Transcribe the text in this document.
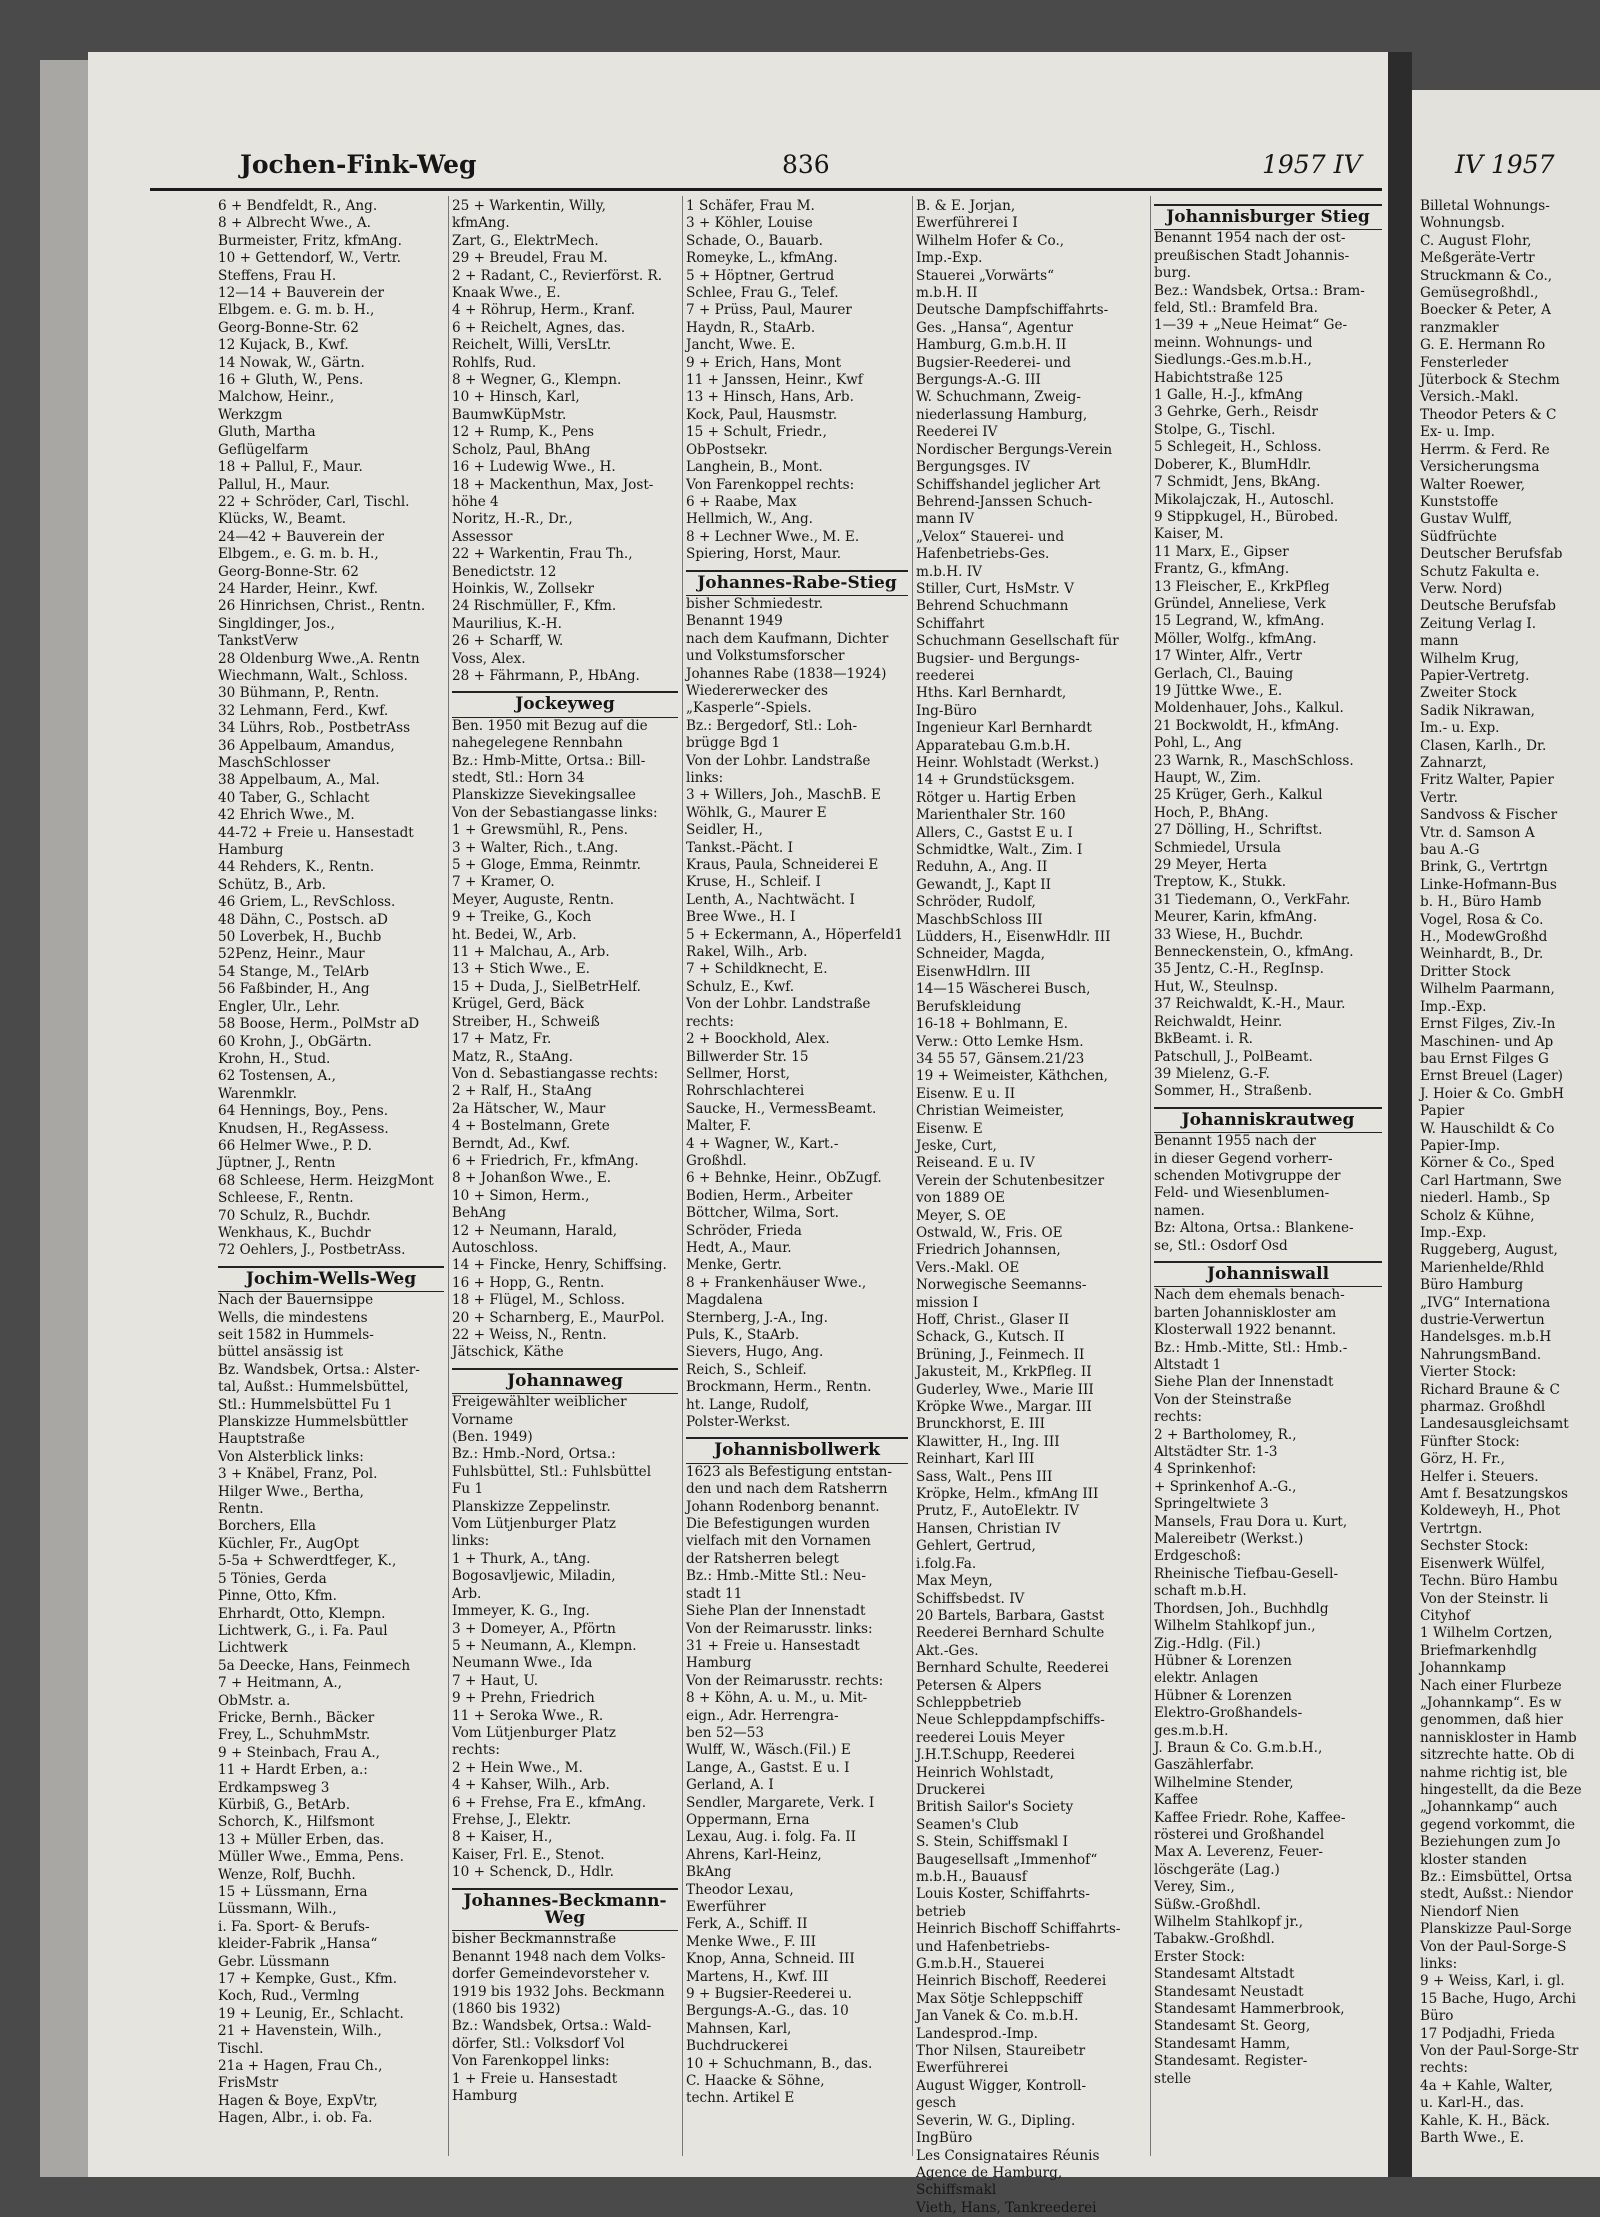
Jochen-Fink-Weg	836	1957 IV	IV 1957
6 + Bendfeldt, R., Ang.
8 + Albrecht Wwe., A.
Burmeister, Fritz, kfmAng.
10 + Gettendorf, W., Vertr.
Steffens, Frau H.
12—14 + Bauverein der
Elbgem. e. G. m. b. H.,
Georg-Bonne-Str. 62
12 Kujack, B., Kwf.
14 Nowak, W., Gärtn.
16 + Gluth, W., Pens.
Malchow, Heinr.,
Werkzgm
Gluth, Martha
Geflügelfarm
18 + Pallul, F., Maur.
Pallul, H., Maur.
22 + Schröder, Carl, Tischl.
Klücks, W., Beamt.
24—42 + Bauverein der
Elbgem., e. G. m. b. H.,
Georg-Bonne-Str. 62
24 Harder, Heinr., Kwf.
26 Hinrichsen, Christ., Rentn.
Singldinger, Jos.,
TankstVerw
28 Oldenburg Wwe.,A. Rentn
Wiechmann, Walt., Schloss.
30 Bühmann, P., Rentn.
32 Lehmann, Ferd., Kwf.
34 Lührs, Rob., PostbetrAss
36 Appelbaum, Amandus,
MaschSchlosser
38 Appelbaum, A., Mal.
40 Taber, G., Schlacht
42 Ehrich Wwe., M.
44-72 + Freie u. Hansestadt
Hamburg
44 Rehders, K., Rentn.
Schütz, B., Arb.
46 Griem, L., RevSchloss.
48 Dähn, C., Postsch. aD
50 Loverbek, H., Buchb
52Penz, Heinr., Maur
54 Stange, M., TelArb
56 Faßbinder, H., Ang
Engler, Ulr., Lehr.
58 Boose, Herm., PolMstr aD
60 Krohn, J., ObGärtn.
Krohn, H., Stud.
62 Tostensen, A.,
Warenmklr.
64 Hennings, Boy., Pens.
Knudsen, H., RegAssess.
66 Helmer Wwe., P. D.
Jüptner, J., Rentn
68 Schleese, Herm. HeizgMont
Schleese, F., Rentn.
70 Schulz, R., Buchdr.
Wenkhaus, K., Buchdr
72 Oehlers, J., PostbetrAss.
Jochim-Wells-Weg
Nach der Bauernsippe
Wells, die mindestens
seit 1582 in Hummels-
büttel ansässig ist
Bz. Wandsbek, Ortsa.: Alster-
tal, Außst.: Hummelsbüttel,
Stl.: Hummelsbüttel Fu 1
Planskizze Hummelsbüttler
Hauptstraße
Von Alsterblick links:
3 + Knäbel, Franz, Pol.
Hilger Wwe., Bertha,
Rentn.
Borchers, Ella
Küchler, Fr., AugOpt
5-5a + Schwerdtfeger, K.,
5 Tönies, Gerda
Pinne, Otto, Kfm.
Ehrhardt, Otto, Klempn.
Lichtwerk, G., i. Fa. Paul
Lichtwerk
5a Deecke, Hans, Feinmech
7 + Heitmann, A.,
ObMstr. a.
Fricke, Bernh., Bäcker
Frey, L., SchuhmMstr.
9 + Steinbach, Frau A.,
11 + Hardt Erben, a.:
Erdkampsweg 3
Kürbiß, G., BetArb.
Schorch, K., Hilfsmont
13 + Müller Erben, das.
Müller Wwe., Emma, Pens.
Wenze, Rolf, Buchh.
15 + Lüssmann, Erna
Lüssmann, Wilh.,
i. Fa. Sport- & Berufs-
kleider-Fabrik „Hansa“
Gebr. Lüssmann
17 + Kempke, Gust., Kfm.
Koch, Rud., Vermlng
19 + Leunig, Er., Schlacht.
21 + Havenstein, Wilh.,
Tischl.
21a + Hagen, Frau Ch.,
FrisMstr
Hagen & Boye, ExpVtr,
Hagen, Albr., i. ob. Fa.
25 + Warkentin, Willy,
kfmAng.
Zart, G., ElektrMech.
29 + Breudel, Frau M.
2 + Radant, C., Revierförst. R.
Knaak Wwe., E.
4 + Röhrup, Herm., Kranf.
6 + Reichelt, Agnes, das.
Reichelt, Willi, VersLtr.
Rohlfs, Rud.
8 + Wegner, G., Klempn.
10 + Hinsch, Karl,
BaumwKüpMstr.
12 + Rump, K., Pens
Scholz, Paul, BhAng
16 + Ludewig Wwe., H.
18 + Mackenthun, Max, Jost-
höhe 4
Noritz, H.-R., Dr.,
Assessor
22 + Warkentin, Frau Th.,
Benedictstr. 12
Hoinkis, W., Zollsekr
24 Rischmüller, F., Kfm.
Maurilius, K.-H.
26 + Scharff, W.
Voss, Alex.
28 + Fährmann, P., HbAng.
Jockeyweg
Ben. 1950 mit Bezug auf die
nahegelegene Rennbahn
Bz.: Hmb-Mitte, Ortsa.: Bill-
stedt, Stl.: Horn 34
Planskizze Sievekingsallee
Von der Sebastiangasse links:
1 + Grewsmühl, R., Pens.
3 + Walter, Rich., t.Ang.
5 + Gloge, Emma, Reinmtr.
7 + Kramer, O.
Meyer, Auguste, Rentn.
9 + Treike, G., Koch
ht. Bedei, W., Arb.
11 + Malchau, A., Arb.
13 + Stich Wwe., E.
15 + Duda, J., SielBetrHelf.
Krügel, Gerd, Bäck
Streiber, H., Schweiß
17 + Matz, Fr.
Matz, R., StaAng.
Von d. Sebastiangasse rechts:
2 + Ralf, H., StaAng
2a Hätscher, W., Maur
4 + Bostelmann, Grete
Berndt, Ad., Kwf.
6 + Friedrich, Fr., kfmAng.
8 + Johanßon Wwe., E.
10 + Simon, Herm.,
BehAng
12 + Neumann, Harald,
Autoschloss.
14 + Fincke, Henry, Schiffsing.
16 + Hopp, G., Rentn.
18 + Flügel, M., Schloss.
20 + Scharnberg, E., MaurPol.
22 + Weiss, N., Rentn.
Jätschick, Käthe
Johannaweg
Freigewählter weiblicher
Vorname
(Ben. 1949)
Bz.: Hmb.-Nord, Ortsa.:
Fuhlsbüttel, Stl.: Fuhlsbüttel
Fu 1
Planskizze Zeppelinstr.
Vom Lütjenburger Platz
links:
1 + Thurk, A., tAng.
Bogosavljewic, Miladin,
Arb.
Immeyer, K. G., Ing.
3 + Domeyer, A., Pförtn
5 + Neumann, A., Klempn.
Neumann Wwe., Ida
7 + Haut, U.
9 + Prehn, Friedrich
11 + Seroka Wwe., R.
Vom Lütjenburger Platz
rechts:
2 + Hein Wwe., M.
4 + Kahser, Wilh., Arb.
6 + Frehse, Fra E., kfmAng.
Frehse, J., Elektr.
8 + Kaiser, H.,
Kaiser, Frl. E., Stenot.
10 + Schenck, D., Hdlr.
Johannes-Beckmann-Weg
bisher Beckmannstraße
Benannt 1948 nach dem Volks-
dorfer Gemeindevorsteher v.
1919 bis 1932 Johs. Beckmann
(1860 bis 1932)
Bz.: Wandsbek, Ortsa.: Wald-
dörfer, Stl.: Volksdorf Vol
Von Farenkoppel links:
1 + Freie u. Hansestadt
Hamburg
1 Schäfer, Frau M.
3 + Köhler, Louise
Schade, O., Bauarb.
Romeyke, L., kfmAng.
5 + Höptner, Gertrud
Schlee, Frau G., Telef.
7 + Prüss, Paul, Maurer
Haydn, R., StaArb.
Jancht, Wwe. E.
9 + Erich, Hans, Mont
11 + Janssen, Heinr., Kwf
13 + Hinsch, Hans, Arb.
Kock, Paul, Hausmstr.
15 + Schult, Friedr.,
ObPostsekr.
Langhein, B., Mont.
Von Farenkoppel rechts:
6 + Raabe, Max
Hellmich, W., Ang.
8 + Lechner Wwe., M. E.
Spiering, Horst, Maur.
Johannes-Rabe-Stieg
bisher Schmiedestr.
Benannt 1949
nach dem Kaufmann, Dichter
und Volkstumsforscher
Johannes Rabe (1838—1924)
Wiedererwecker des
„Kasperle“-Spiels.
Bz.: Bergedorf, Stl.: Loh-
brügge Bgd 1
Von der Lohbr. Landstraße
links:
3 + Willers, Joh., MaschB. E
Wöhlk, G., Maurer E
Seidler, H.,
Tankst.-Pächt. I
Kraus, Paula, Schneiderei E
Kruse, H., Schleif. I
Lenth, A., Nachtwächt. I
Bree Wwe., H. I
5 + Eckermann, A., Höperfeld1
Rakel, Wilh., Arb.
7 + Schildknecht, E.
Schulz, E., Kwf.
Von der Lohbr. Landstraße
rechts:
2 + Boockhold, Alex.
Billwerder Str. 15
Sellmer, Horst,
Rohrschlachterei
Saucke, H., VermessBeamt.
Malter, F.
4 + Wagner, W., Kart.-
Großhdl.
6 + Behnke, Heinr., ObZugf.
Bodien, Herm., Arbeiter
Böttcher, Wilma, Sort.
Schröder, Frieda
Hedt, A., Maur.
Menke, Gertr.
8 + Frankenhäuser Wwe.,
Magdalena
Sternberg, J.-A., Ing.
Puls, K., StaArb.
Sievers, Hugo, Ang.
Reich, S., Schleif.
Brockmann, Herm., Rentn.
ht. Lange, Rudolf,
Polster-Werkst.
Johannisbollwerk
1623 als Befestigung entstan-
den und nach dem Ratsherrn
Johann Rodenborg benannt.
Die Befestigungen wurden
vielfach mit den Vornamen
der Ratsherren belegt
Bz.: Hmb.-Mitte Stl.: Neu-
stadt 11
Siehe Plan der Innenstadt
Von der Reimarusstr. links:
31 + Freie u. Hansestadt
Hamburg
Von der Reimarusstr. rechts:
8 + Köhn, A. u. M., u. Mit-
eign., Adr. Herrengra-
ben 52—53
Wulff, W., Wäsch.(Fil.) E
Lange, A., Gastst. E u. I
Gerland, A. I
Sendler, Margarete, Verk. I
Oppermann, Erna
Lexau, Aug. i. folg. Fa. II
Ahrens, Karl-Heinz,
BkAng
Theodor Lexau,
Ewerführer
Ferk, A., Schiff. II
Menke Wwe., F. III
Knop, Anna, Schneid. III
Martens, H., Kwf. III
9 + Bugsier-Reederei u.
Bergungs-A.-G., das. 10
Mahnsen, Karl,
Buchdruckerei
10 + Schuchmann, B., das.
C. Haacke & Söhne,
techn. Artikel E
B. & E. Jorjan,
Ewerführerei I
Wilhelm Hofer & Co.,
Imp.-Exp.
Stauerei „Vorwärts“
m.b.H. II
Deutsche Dampfschiffahrts-
Ges. „Hansa“, Agentur
Hamburg, G.m.b.H. II
Bugsier-Reederei- und
Bergungs-A.-G. III
W. Schuchmann, Zweig-
niederlassung Hamburg,
Reederei IV
Nordischer Bergungs-Verein
Bergungsges. IV
Schiffshandel jeglicher Art
Behrend-Janssen Schuch-
mann IV
„Velox“ Stauerei- und
Hafenbetriebs-Ges.
m.b.H. IV
Stiller, Curt, HsMstr. V
Behrend Schuchmann
Schiffahrt
Schuchmann Gesellschaft für
Bugsier- und Bergungs-
reederei
Hths. Karl Bernhardt,
Ing-Büro
Ingenieur Karl Bernhardt
Apparatebau G.m.b.H.
Heinr. Wohlstadt (Werkst.)
14 + Grundstücksgem.
Rötger u. Hartig Erben
Marienthaler Str. 160
Allers, C., Gastst E u. I
Schmidtke, Walt., Zim. I
Reduhn, A., Ang. II
Gewandt, J., Kapt II
Schröder, Rudolf,
MaschbSchloss III
Lüdders, H., EisenwHdlr. III
Schneider, Magda,
EisenwHdlrn. III
14—15 Wäscherei Busch,
Berufskleidung
16-18 + Bohlmann, E.
Verw.: Otto Lemke Hsm.
34 55 57, Gänsem.21/23
19 + Weimeister, Käthchen,
Eisenw. E u. II
Christian Weimeister,
Eisenw. E
Jeske, Curt,
Reiseand. E u. IV
Verein der Schutenbesitzer
von 1889 OE
Meyer, S. OE
Ostwald, W., Fris. OE
Friedrich Johannsen,
Vers.-Makl. OE
Norwegische Seemanns-
mission I
Hoff, Christ., Glaser II
Schack, G., Kutsch. II
Brüning, J., Feinmech. II
Jakusteit, M., KrkPfleg. II
Guderley, Wwe., Marie III
Kröpke Wwe., Margar. III
Brunckhorst, E. III
Klawitter, H., Ing. III
Reinhart, Karl III
Sass, Walt., Pens III
Kröpke, Helm., kfmAng III
Prutz, F., AutoElektr. IV
Hansen, Christian IV
Gehlert, Gertrud,
i.folg.Fa.
Max Meyn,
Schiffsbedst. IV
20 Bartels, Barbara, Gastst
Reederei Bernhard Schulte
Akt.-Ges.
Bernhard Schulte, Reederei
Petersen & Alpers
Schleppbetrieb
Neue Schleppdampfschiffs-
reederei Louis Meyer
J.H.T.Schupp, Reederei
Heinrich Wohlstadt,
Druckerei
British Sailor's Society
Seamen's Club
S. Stein, Schiffsmakl I
Baugesellsaft „Immenhof“
m.b.H., Bauausf
Louis Koster, Schiffahrts-
betrieb
Heinrich Bischoff Schiffahrts-
und Hafenbetriebs-
G.m.b.H., Stauerei
Heinrich Bischoff, Reederei
Max Sötje Schleppschiff
Jan Vanek & Co. m.b.H.
Landesprod.-Imp.
Thor Nilsen, Staureibetr
Ewerführerei
August Wigger, Kontroll-
gesch
Severin, W. G., Dipling.
IngBüro
Les Consignataires Réunis
Agence de Hamburg,
Schiffsmakl
Vieth, Hans, Tankreederei
Johannisburger Stieg
Benannt 1954 nach der ost-
preußischen Stadt Johannis-
burg.
Bez.: Wandsbek, Ortsa.: Bram-
feld, Stl.: Bramfeld Bra.
1—39 + „Neue Heimat“ Ge-
meinn. Wohnungs- und
Siedlungs.-Ges.m.b.H.,
Habichtstraße 125
1 Galle, H.-J., kfmAng
3 Gehrke, Gerh., Reisdr
Stolpe, G., Tischl.
5 Schlegeit, H., Schloss.
Doberer, K., BlumHdlr.
7 Schmidt, Jens, BkAng.
Mikolajczak, H., Autoschl.
9 Stippkugel, H., Bürobed.
Kaiser, M.
11 Marx, E., Gipser
Frantz, G., kfmAng.
13 Fleischer, E., KrkPfleg
Gründel, Anneliese, Verk
15 Legrand, W., kfmAng.
Möller, Wolfg., kfmAng.
17 Winter, Alfr., Vertr
Gerlach, Cl., Bauing
19 Jüttke Wwe., E.
Moldenhauer, Johs., Kalkul.
21 Bockwoldt, H., kfmAng.
Pohl, L., Ang
23 Warnk, R., MaschSchloss.
Haupt, W., Zim.
25 Krüger, Gerh., Kalkul
Hoch, P., BhAng.
27 Dölling, H., Schriftst.
Schmiedel, Ursula
29 Meyer, Herta
Treptow, K., Stukk.
31 Tiedemann, O., VerkFahr.
Meurer, Karin, kfmAng.
33 Wiese, H., Buchdr.
Benneckenstein, O., kfmAng.
35 Jentz, C.-H., RegInsp.
Hut, W., Steulnsp.
37 Reichwaldt, K.-H., Maur.
Reichwaldt, Heinr.
BkBeamt. i. R.
Patschull, J., PolBeamt.
39 Mielenz, G.-F.
Sommer, H., Straßenb.
Johanniskrautweg
Benannt 1955 nach der
in dieser Gegend vorherr-
schenden Motivgruppe der
Feld- und Wiesenblumen-
namen.
Bz: Altona, Ortsa.: Blankene-
se, Stl.: Osdorf Osd
Johanniswall
Nach dem ehemals benach-
barten Johanniskloster am
Klosterwall 1922 benannt.
Bz.: Hmb.-Mitte, Stl.: Hmb.-
Altstadt 1
Siehe Plan der Innenstadt
Von der Steinstraße
rechts:
2 + Bartholomey, R.,
Altstädter Str. 1-3
4 Sprinkenhof:
+ Sprinkenhof A.-G.,
Springeltwiete 3
Mansels, Frau Dora u. Kurt,
Malereibetr (Werkst.)
Erdgeschoß:
Rheinische Tiefbau-Gesell-
schaft m.b.H.
Thordsen, Joh., Buchhdlg
Wilhelm Stahlkopf jun.,
Zig.-Hdlg. (Fil.)
Hübner & Lorenzen
elektr. Anlagen
Hübner & Lorenzen
Elektro-Großhandels-
ges.m.b.H.
J. Braun & Co. G.m.b.H.,
Gaszählerfabr.
Wilhelmine Stender,
Kaffee
Kaffee Friedr. Rohe, Kaffee-
rösterei und Großhandel
Max A. Leverenz, Feuer-
löschgeräte (Lag.)
Verey, Sim.,
Süßw.-Großhdl.
Wilhelm Stahlkopf jr.,
Tabakw.-Großhdl.
Erster Stock:
Standesamt Altstadt
Standesamt Neustadt
Standesamt Hammerbrook,
Standesamt St. Georg,
Standesamt Hamm,
Standesamt. Register-
stelle
Billetal Wohnungs-
Wohnungsb.
C. August Flohr,
Meßgeräte-Vertr
Struckmann & Co.,
Gemüsegroßhdl.,
Boecker & Peter, A
ranzmakler
G. E. Hermann Ro
Fensterleder
Jüterbock & Stechm
Versich.-Makl.
Theodor Peters & C
Ex- u. Imp.
Herrm. & Ferd. Re
Versicherungsma
Walter Roewer,
Kunststoffe
Gustav Wulff,
Südfrüchte
Deutscher Berufsfab
Schutz Fakulta e.
Verw. Nord)
Deutsche Berufsfab
Zeitung Verlag I.
mann
Wilhelm Krug,
Papier-Vertretg.
Zweiter Stock
Sadik Nikrawan,
Im.- u. Exp.
Clasen, Karlh., Dr.
Zahnarzt,
Fritz Walter, Papier
Vertr.
Sandvoss & Fischer
Vtr. d. Samson A
bau A.-G
Brink, G., Vertrtgn
Linke-Hofmann-Bus
b. H., Büro Hamb
Vogel, Rosa & Co.
H., ModewGroßhd
Weinhardt, B., Dr.
Dritter Stock
Wilhelm Paarmann,
Imp.-Exp.
Ernst Filges, Ziv.-In
Maschinen- und Ap
bau Ernst Filges G
Ernst Breuel (Lager)
J. Hoier & Co. GmbH
Papier
W. Hauschildt & Co
Papier-Imp.
Körner & Co., Sped
Carl Hartmann, Swe
niederl. Hamb., Sp
Scholz & Kühne,
Imp.-Exp.
Ruggeberg, August,
Marienhelde/Rhld
Büro Hamburg
„IVG“ Internationa
dustrie-Verwertun
Handelsges. m.b.H
NahrungsmBand.
Vierter Stock:
Richard Braune & C
pharmaz. Großhdl
Landesausgleichsamt
Fünfter Stock:
Görz, H. Fr.,
Helfer i. Steuers.
Amt f. Besatzungskos
Koldeweyh, H., Phot
Vertrtgn.
Sechster Stock:
Eisenwerk Wülfel,
Techn. Büro Hambu
Von der Steinstr. li
Cityhof
1 Wilhelm Cortzen,
Briefmarkenhdlg
Johannkamp
Nach einer Flurbeze
„Johannkamp“. Es w
genommen, daß hier
nanniskloster in Hamb
sitzrechte hatte. Ob di
nahme richtig ist, ble
hingestellt, da die Beze
„Johannkamp“ auch
gegend vorkommt, die
Beziehungen zum Jo
kloster standen
Bz.: Eimsbüttel, Ortsa
stedt, Außst.: Niendor
Niendorf Nien
Planskizze Paul-Sorge
Von der Paul-Sorge-S
links:
9 + Weiss, Karl, i. gl.
15 Bache, Hugo, Archi
Büro
17 Podjadhi, Frieda
Von der Paul-Sorge-Str
rechts:
4a + Kahle, Walter,
u. Karl-H., das.
Kahle, K. H., Bäck.
Barth Wwe., E.
